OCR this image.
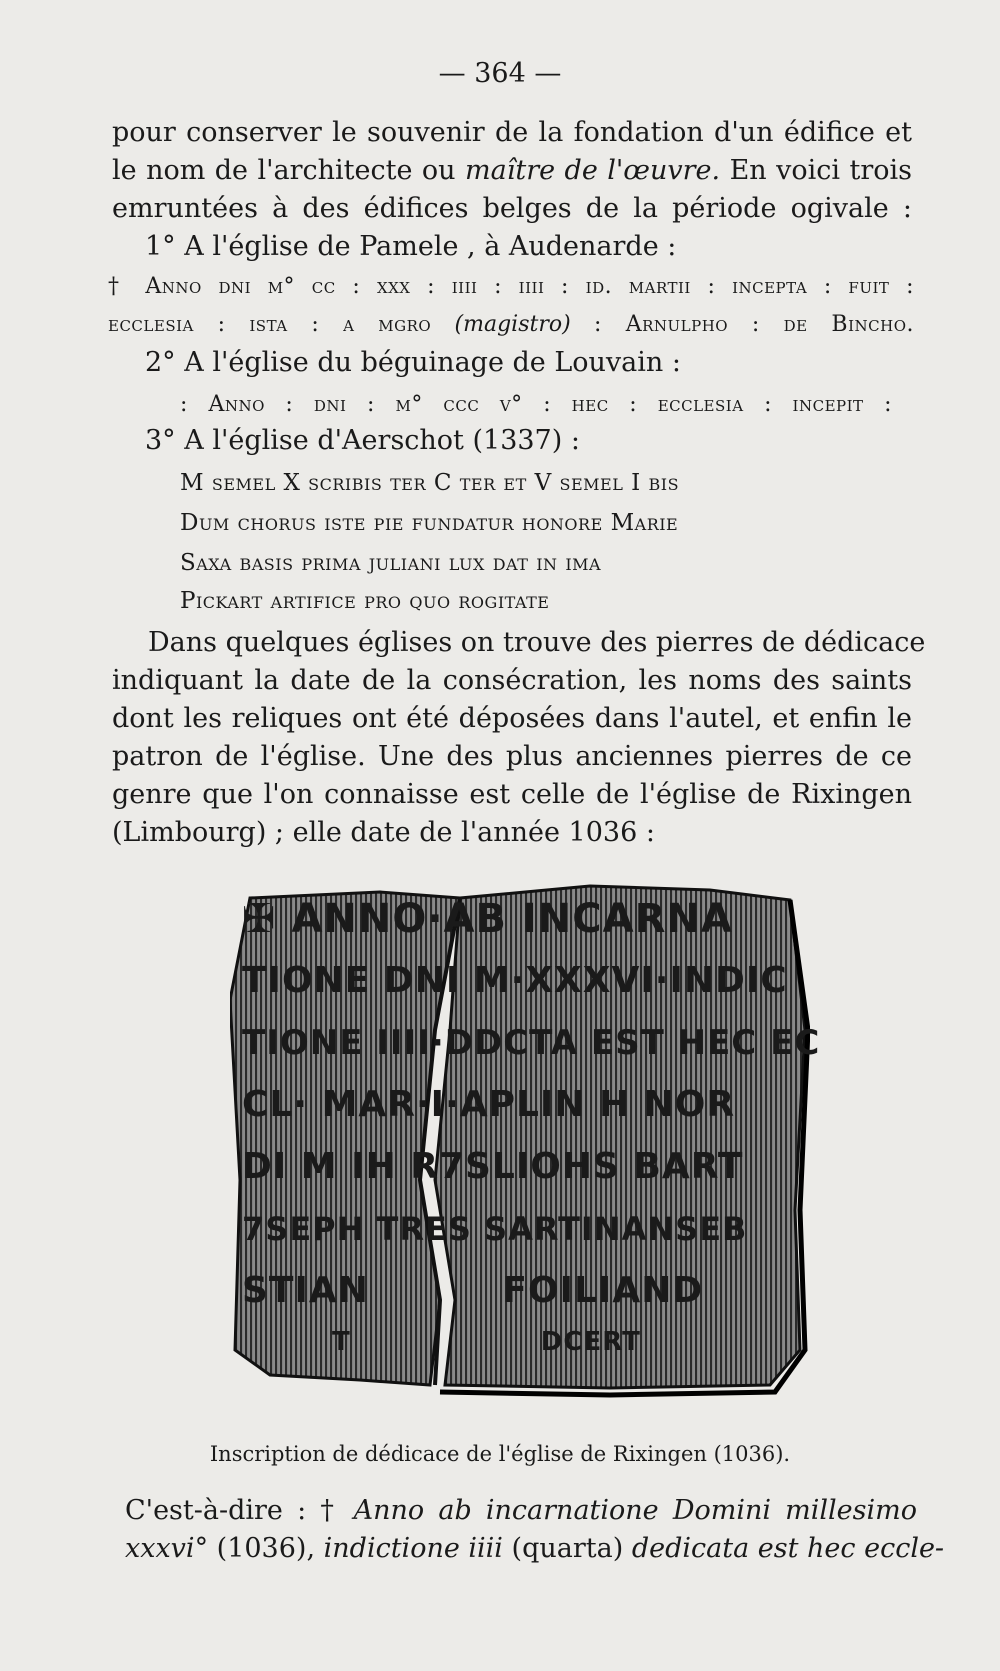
— 364 —
pour conserver le souvenir de la fondation d'un édifice et
le nom de l'architecte ou maître de l'œuvre. En voici trois
emruntées à des édifices belges de la période ogivale :
1° A l'église de Pamele , à Audenarde :
† Anno dni m° cc : xxx : iiii : iiii : id. martii : incepta : fuit :
ecclesia : ista : a mgro (magistro) : Arnulpho : de Bincho.
2° A l'église du béguinage de Louvain :
: Anno : dni : m° ccc v° : hec : ecclesia : incepit :
3° A l'église d'Aerschot (1337) :
M semel X scribis ter C ter et V semel I bis
Dum chorus iste pie fundatur honore Marie
Saxa basis prima juliani lux dat in ima
Pickart artifice pro quo rogitate
Dans quelques églises on trouve des pierres de dédicace
indiquant la date de la consécration, les noms des saints
dont les reliques ont été déposées dans l'autel, et enfin le
patron de l'église. Une des plus anciennes pierres de ce
genre que l'on connaisse est celle de l'église de Rixingen
(Limbourg) ; elle date de l'année 1036 :
✠ ANNO·AB INCARNA
TIONE DNI M·XXXVI·INDIC
TIONE IIII·DDCTA EST HEC EC
CL· MAR·I·APLIN H NOR
DI M IH R7SLIOHS BART
7SEPH TRES SARTINANSEB
STIAN FOILIAND
T DCERT
Inscription de dédicace de l'église de Rixingen (1036).
C'est-à-dire : † Anno ab incarnatione Domini millesimo
xxxvi° (1036), indictione iiii (quarta) dedicata est hec eccle-
